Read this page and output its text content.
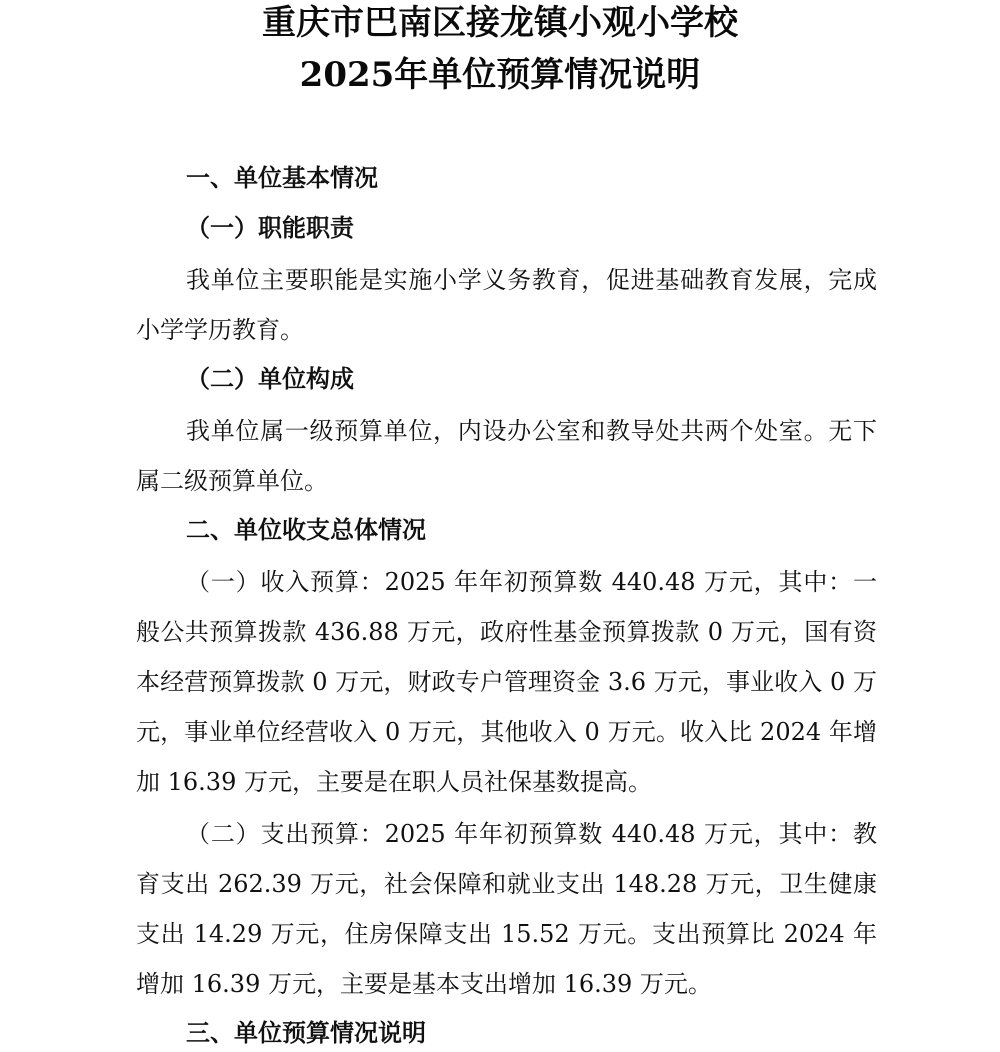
重庆市巴南区接龙镇小观小学校
2025年单位预算情况说明
一、单位基本情况
（一）职能职责

我单位主要职能是实施小学义务教育，促进基础教育发展，完成小学学历教育。

（二）单位构成

我单位属一级预算单位，内设办公室和教导处共两个处室。无下属二级预算单位。

二、单位收支总体情况

（一）收入预算：2025 年年初预算数 440.48 万元，其中：一般公共预算拨款 436.88 万元，政府性基金预算拨款 0 万元，国有资本经营预算拨款 0 万元，财政专户管理资金 3.6 万元，事业收入 0 万元，事业单位经营收入 0 万元，其他收入 0 万元。收入比 2024 年增加 16.39 万元，主要是在职人员社保基数提高。

（二）支出预算：2025 年年初预算数 440.48 万元，其中：教育支出 262.39 万元，社会保障和就业支出 148.28 万元，卫生健康支出 14.29 万元，住房保障支出 15.52 万元。支出预算比 2024 年增加 16.39 万元，主要是基本支出增加 16.39 万元。

三、单位预算情况说明
